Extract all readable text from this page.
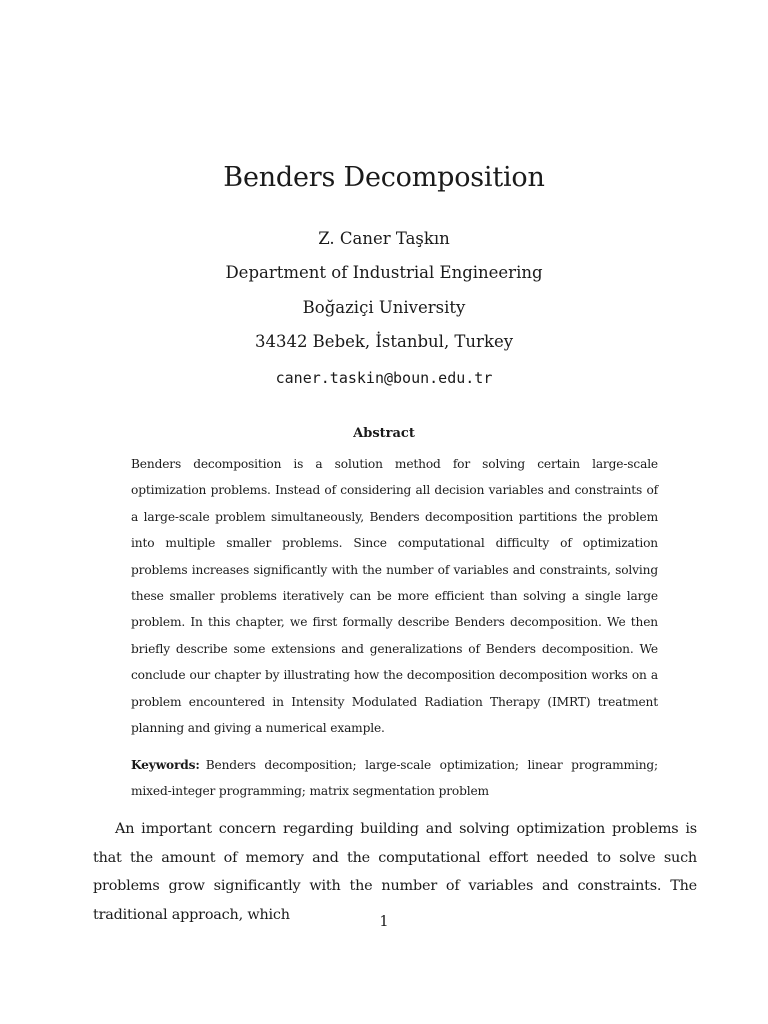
Benders Decomposition
Z. Caner Taşkın
Department of Industrial Engineering
Boğaziçi University
34342 Bebek, İstanbul, Turkey
caner.taskin@boun.edu.tr
Abstract
Benders decomposition is a solution method for solving certain large-scale optimization problems. Instead of considering all decision variables and constraints of a large-scale problem simultaneously, Benders decomposition partitions the problem into multiple smaller problems. Since computational difficulty of optimization problems increases significantly with the number of variables and constraints, solving these smaller problems iteratively can be more efficient than solving a single large problem. In this chapter, we first formally describe Benders decomposition. We then briefly describe some extensions and generalizations of Benders decomposition. We conclude our chapter by illustrating how the decomposition decomposition works on a problem encountered in Intensity Modulated Radiation Therapy (IMRT) treatment planning and giving a numerical example.
Keywords: Benders decomposition; large-scale optimization; linear programming; mixed-integer programming; matrix segmentation problem
An important concern regarding building and solving optimization problems is that the amount of memory and the computational effort needed to solve such problems grow significantly with the number of variables and constraints. The traditional approach, which	1
